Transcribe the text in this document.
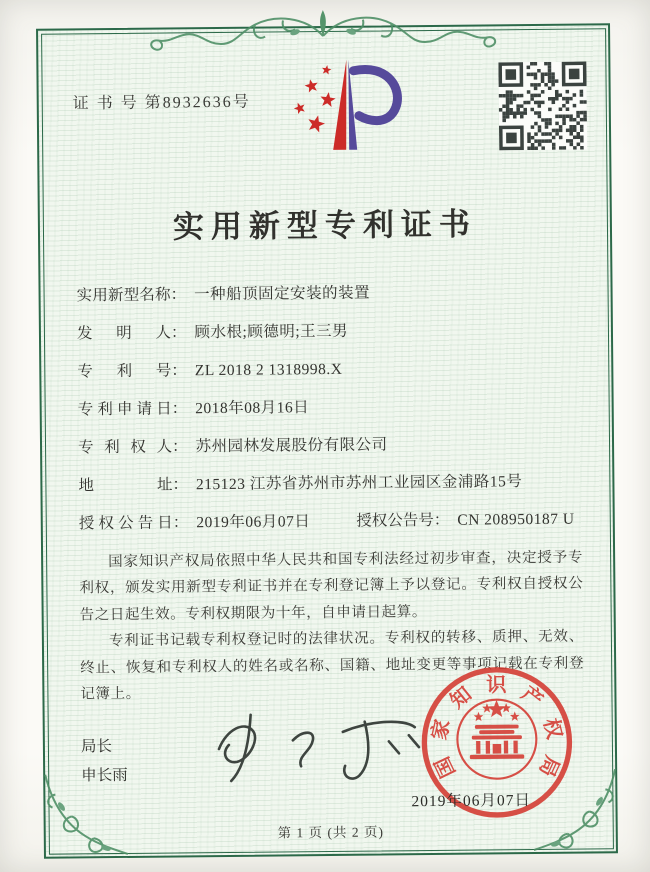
证 书 号 第8932636号
实用新型专利证书
实用新型名称 ： 一种船顶固定安装的装置
发明人 ： 顾水根;顾德明;王三男
专利号 ： ZL 2018 2 1318998.X
专利申请日 ： 2018年08月16日
专利权人 ： 苏州园林发展股份有限公司
地址 ： 215123 江苏省苏州市苏州工业园区金浦路15号
授权公告日 ： 2019年06月07日	授权公告号 ： CN 208950187 U

国家知识产权局依照中华人民共和国专利法经过初步审查，决定授予专利权，颁发实用新型专利证书并在专利登记簿上予以登记。专利权自授权公告之日起生效。专利权期限为十年，自申请日起算。

专利证书记载专利权登记时的法律状况。专利权的转移、质押、无效、终止、恢复和专利权人的姓名或名称、国籍、地址变更等事项记载在专利登记簿上。

局长
申长雨	国
家
知 识 产
权
局
2019年06月07日
第 1 页 (共 2 页)
